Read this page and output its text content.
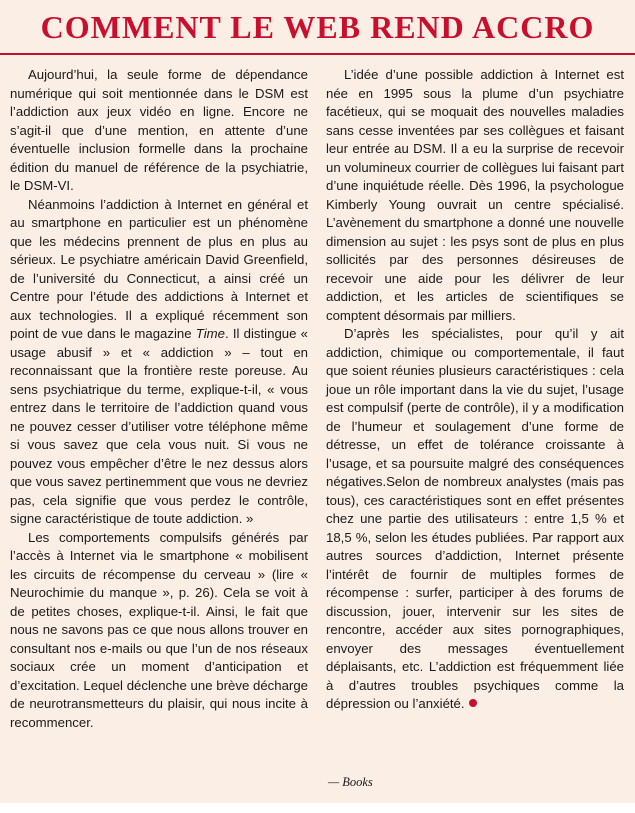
COMMENT LE WEB REND ACCRO

Aujourd’hui, la seule forme de dépendance numérique qui soit mentionnée dans le DSM est l’addiction aux jeux vidéo en ligne. Encore ne s’agit-il que d’une mention, en attente d’une éventuelle inclusion formelle dans la prochaine édition du manuel de référence de la psychiatrie, le DSM-VI.

Néanmoins l’addiction à Internet en général et au smartphone en particulier est un phénomène que les médecins prennent de plus en plus au sérieux. Le psychiatre américain David Greenfield, de l’université du Connecticut, a ainsi créé un Centre pour l’étude des addictions à Internet et aux technologies. Il a expliqué récemment son point de vue dans le magazine Time. Il distingue « usage abusif » et « addiction » – tout en reconnaissant que la frontière reste poreuse. Au sens psychiatrique du terme, explique-t-il, « vous entrez dans le territoire de l’addiction quand vous ne pouvez cesser d’utiliser votre téléphone même si vous savez que cela vous nuit. Si vous ne pouvez vous empêcher d’être le nez dessus alors que vous savez pertinemment que vous ne devriez pas, cela signifie que vous perdez le contrôle, signe caractéristique de toute addiction. »

Les comportements compulsifs générés par l’accès à Internet via le smartphone « mobilisent les circuits de récompense du cerveau » (lire « Neurochimie du manque », p. 26). Cela se voit à de petites choses, explique-t-il. Ainsi, le fait que nous ne savons pas ce que nous allons trouver en consultant nos e-mails ou que l’un de nos réseaux sociaux crée un moment d’anticipation et d’excitation. Lequel déclenche une brève décharge de neurotransmetteurs du plaisir, qui nous incite à recommencer.

L’idée d’une possible addiction à Internet est née en 1995 sous la plume d’un psychiatre facétieux, qui se moquait des nouvelles maladies sans cesse inventées par ses collègues et faisant leur entrée au DSM. Il a eu la surprise de recevoir un volumineux courrier de collègues lui faisant part d’une inquiétude réelle. Dès 1996, la psychologue Kimberly Young ouvrait un centre spécialisé. L’avènement du smartphone a donné une nouvelle dimension au sujet : les psys sont de plus en plus sollicités par des personnes désireuses de recevoir une aide pour les délivrer de leur addiction, et les articles de scientifiques se comptent désormais par milliers.

D’après les spécialistes, pour qu’il y ait addiction, chimique ou comportementale, il faut que soient réunies plusieurs caractéristiques : cela joue un rôle important dans la vie du sujet, l’usage est compulsif (perte de contrôle), il y a modification de l’humeur et soulagement d’une forme de détresse, un effet de tolérance croissante à l’usage, et sa poursuite malgré des conséquences négatives.Selon de nombreux analystes (mais pas tous), ces caractéristiques sont en effet présentes chez une partie des utilisateurs : entre 1,5 % et 18,5 %, selon les études publiées. Par rapport aux autres sources d’addiction, Internet présente l’intérêt de fournir de multiples formes de récompense : surfer, participer à des forums de discussion, jouer, intervenir sur les sites de rencontre, accéder aux sites pornographiques, envoyer des messages éventuellement déplaisants, etc. L’addiction est fréquemment liée à d’autres troubles psychiques comme la dépression ou l’anxiété.

— Books
